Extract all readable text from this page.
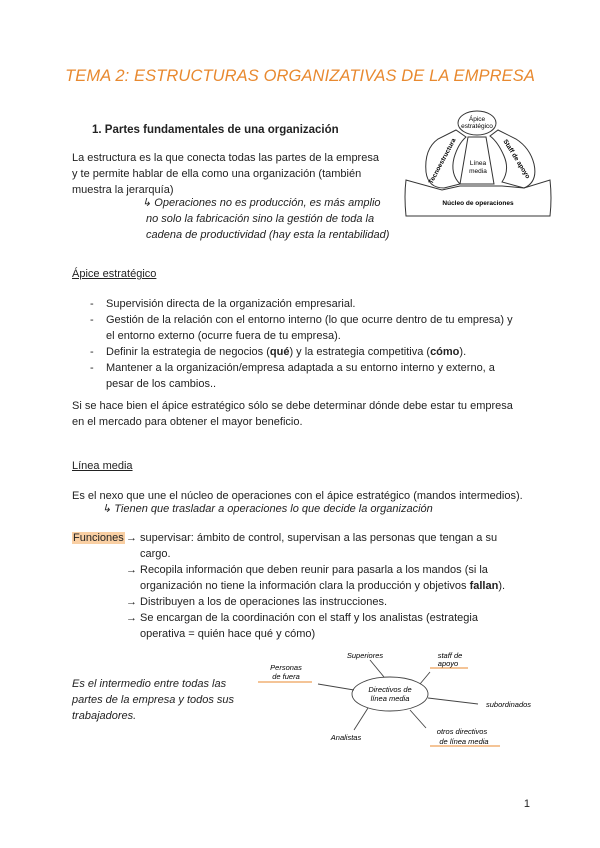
TEMA 2: ESTRUCTURAS ORGANIZATIVAS DE LA EMPRESA
1. Partes fundamentales de una organización
La estructura es la que conecta todas las partes de la empresa
y te permite hablar de ella como una organización (también
muestra la jerarquía)
↳ Operaciones no es producción, es más amplio
no solo la fabricación sino la gestión de toda la
cadena de productividad (hay esta la rentabilidad)
Ápice
estratégico
Tecnoestructura	Staff de apoyo
Línea
media
Núcleo de operaciones
Ápice estratégico
- Supervisión directa de la organización empresarial.
- Gestión de la relación con el entorno interno (lo que ocurre dentro de tu empresa) y
el entorno externo (ocurre fuera de tu empresa).
- Definir la estrategia de negocios (qué) y la estrategia competitiva (cómo).
- Mantener a la organización/empresa adaptada a su entorno interno y externo, a
pesar de los cambios..
Si se hace bien el ápice estratégico sólo se debe determinar dónde debe estar tu empresa
en el mercado para obtener el mayor beneficio.
Línea media
Es el nexo que une el núcleo de operaciones con el ápice estratégico (mandos intermedios).
↳ Tienen que trasladar a operaciones lo que decide la organización
Funciones → supervisar: ámbito de control, supervisan a las personas que tengan a su
cargo.
→ Recopila información que deben reunir para pasarla a los mandos (si la
organización no tiene la información clara la producción y objetivos fallan).
→ Distribuyen a los de operaciones las instrucciones.
→ Se encargan de la coordinación con el staff y los analistas (estrategia
operativa = quién hace qué y cómo)
Es el intermedio entre todas las
partes de la empresa y todos sus
trabajadores.
Superiores
Personas
de fuera
Directivos de
línea media
staff de
apoyo
subordinados
Analistas
otros directivos
de línea media
1
